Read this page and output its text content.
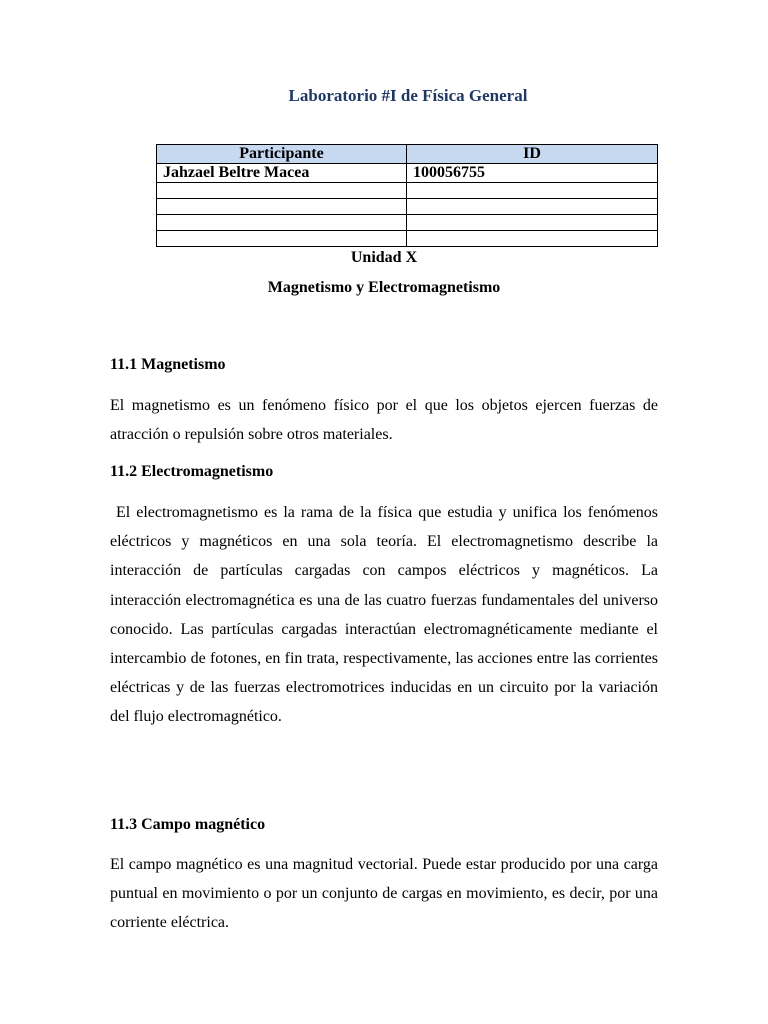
Laboratorio #I de Física General
Participante	ID
Jahzael Beltre Macea	100056755

Unidad X
Magnetismo y Electromagnetismo
11.1 Magnetismo
El magnetismo es un fenómeno físico por el que los objetos ejercen fuerzas de atracción o repulsión sobre otros materiales.
11.2 Electromagnetismo
El electromagnetismo es la rama de la física que estudia y unifica los fenómenos eléctricos y magnéticos en una sola teoría. El electromagnetismo describe la interacción de partículas cargadas con campos eléctricos y magnéticos. La interacción electromagnética es una de las cuatro fuerzas fundamentales del universo conocido. Las partículas cargadas interactúan electromagnéticamente mediante el intercambio de fotones, en fin trata, respectivamente, las acciones entre las corrientes eléctricas y de las fuerzas electromotrices inducidas en un circuito por la variación del flujo electromagnético.
11.3 Campo magnético
El campo magnético es una magnitud vectorial. Puede estar producido por una carga puntual en movimiento o por un conjunto de cargas en movimiento, es decir, por una corriente eléctrica.
